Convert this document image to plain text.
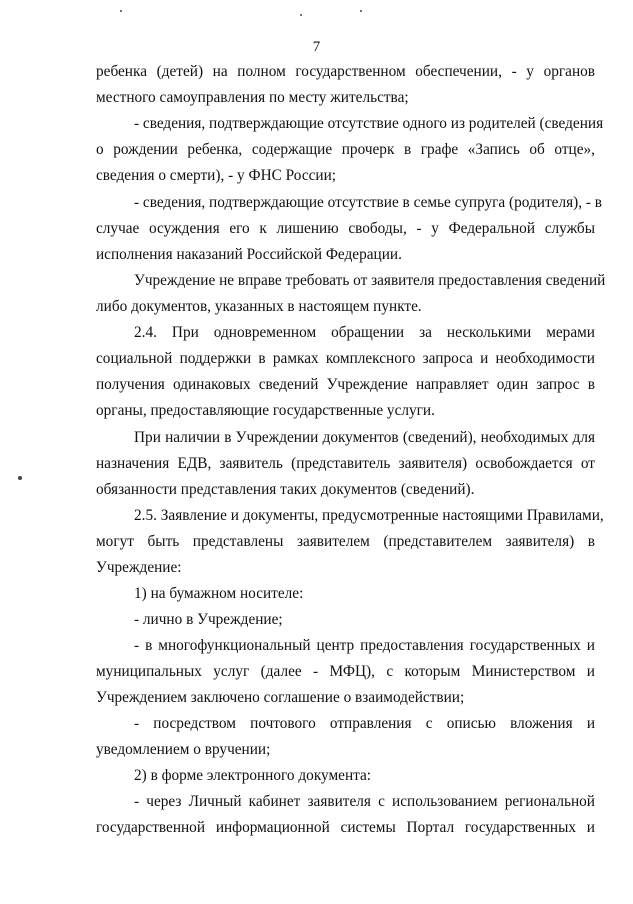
7
ребенка (детей) на полном государственном обеспечении, - у органов
местного самоуправления по месту жительства;
- сведения, подтверждающие отсутствие одного из родителей (сведения
о рождении ребенка, содержащие прочерк в графе «Запись об отце»,
сведения о смерти), - у ФНС России;
- сведения, подтверждающие отсутствие в семье супруга (родителя), - в
случае осуждения его к лишению свободы, - у Федеральной службы
исполнения наказаний Российской Федерации.
Учреждение не вправе требовать от заявителя предоставления сведений
либо документов, указанных в настоящем пункте.
2.4. При одновременном обращении за несколькими мерами
социальной поддержки в рамках комплексного запроса и необходимости
получения одинаковых сведений Учреждение направляет один запрос в
органы, предоставляющие государственные услуги.
При наличии в Учреждении документов (сведений), необходимых для
назначения ЕДВ, заявитель (представитель заявителя) освобождается от
обязанности представления таких документов (сведений).
2.5. Заявление и документы, предусмотренные настоящими Правилами,
могут быть представлены заявителем (представителем заявителя) в
Учреждение:
1) на бумажном носителе:
- лично в Учреждение;
- в многофункциональный центр предоставления государственных и
муниципальных услуг (далее - МФЦ), с которым Министерством и
Учреждением заключено соглашение о взаимодействии;
- посредством почтового отправления с описью вложения и
уведомлением о вручении;
2) в форме электронного документа:
- через Личный кабинет заявителя с использованием региональной
государственной информационной системы Портал государственных и
